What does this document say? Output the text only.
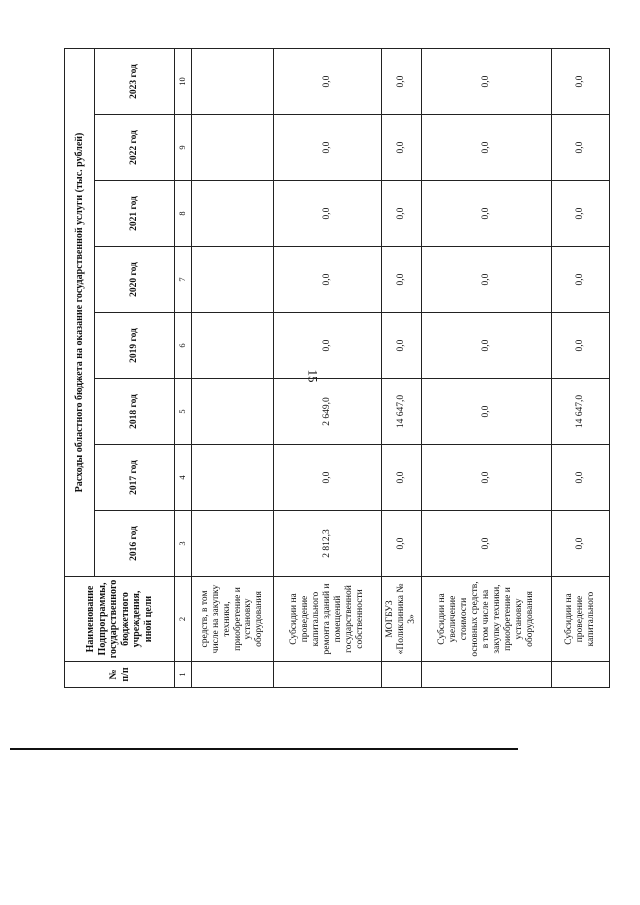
15
№ п/п	Наименование Подпрограммы, государственного бюджетного учреждения, иной цели	Расходы областного бюджета на оказание государственной услуги (тыс. рублей)							
		2016 год	2017 год	2018 год	2019 год	2020 год	2021 год	2022 год	2023 год
1	2	3	4	5	6	7	8	9	10
	средств, в том числе на закупку техники, приобретение и установку оборудования								
	Субсидии на проведение капитального ремонта зданий и помещений государственной собственности	2 812,3	0,0	2 649,0	0,0	0,0	0,0	0,0	0,0
	МОГБУЗ «Поликлиника № 3»	0,0	0,0	14 647,0	0,0	0,0	0,0	0,0	0,0
	Субсидии на увеличение стоимости основных средств, в том числе на закупку техники, приобретение и установку оборудования	0,0	0,0	0,0	0,0	0,0	0,0	0,0	0,0
	Субсидии на проведение капитального	0,0	0,0	14 647,0	0,0	0,0	0,0	0,0	0,0
